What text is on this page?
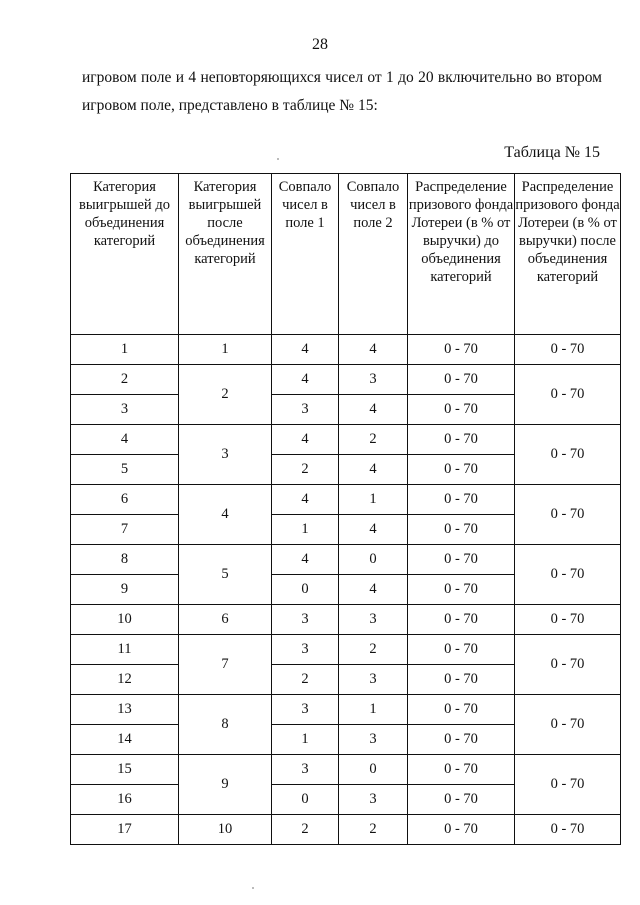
28
игровом поле и 4 неповторяющихся чисел от 1 до 20 включительно во втором
игровом поле, представлено в таблице № 15:
Таблица № 15
Категория выигрышей до объединения категорий	Категория выигрышей после объединения категорий	Совпало чисел в поле 1	Совпало чисел в поле 2	Распределение призового фонда Лотереи (в % от выручки) до объединения категорий	Распределение призового фонда Лотереи (в % от выручки) после объединения категорий
1	1	4	4	0 - 70	0 - 70
2	2	4	3	0 - 70	0 - 70
3		3	4	0 - 70	
4	3	4	2	0 - 70	0 - 70
5		2	4	0 - 70	
6	4	4	1	0 - 70	0 - 70
7		1	4	0 - 70	
8	5	4	0	0 - 70	0 - 70
9		0	4	0 - 70	
10	6	3	3	0 - 70	0 - 70
11	7	3	2	0 - 70	0 - 70
12		2	3	0 - 70	
13	8	3	1	0 - 70	0 - 70
14		1	3	0 - 70	
15	9	3	0	0 - 70	0 - 70
16		0	3	0 - 70	
17	10	2	2	0 - 70	0 - 70
